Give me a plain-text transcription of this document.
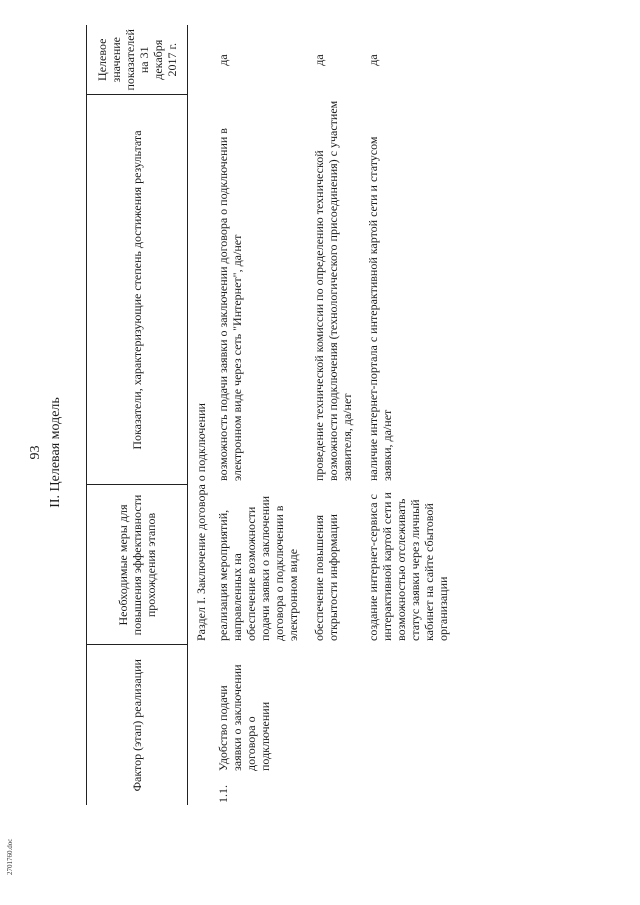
2701760.doc
93 II. Целевая модель
Фактор (этап) реализации		Необходимые меры для повышения эффективности прохождения этапов	Показатели, характеризующие степень достижения результата	Целевое значение показателей на 31 декабря 2017 г.
		Раздел I. Заключение договора о подключении		
1.1.	Удобство подачи заявки о заключении договора о подключении	реализация мероприятий, направленных на обеспечение возможности подачи заявки о заключении договора о подключении в электронном виде	возможность подачи заявки о заключении договора о подключении в электронном виде через сеть "Интернет", да/нет	да
		обеспечение повышения открытости информации	проведение технической комиссии по определению технической возможности подключения (технологического присоединения) с участием заявителя, да/нет	да
		создание интернет-сервиса с интерактивной картой сети и возможностью отслеживать статус заявки через личный кабинет на сайте сбытовой организации	наличие интернет-портала с интерактивной картой сети и статусом заявки, да/нет	да
